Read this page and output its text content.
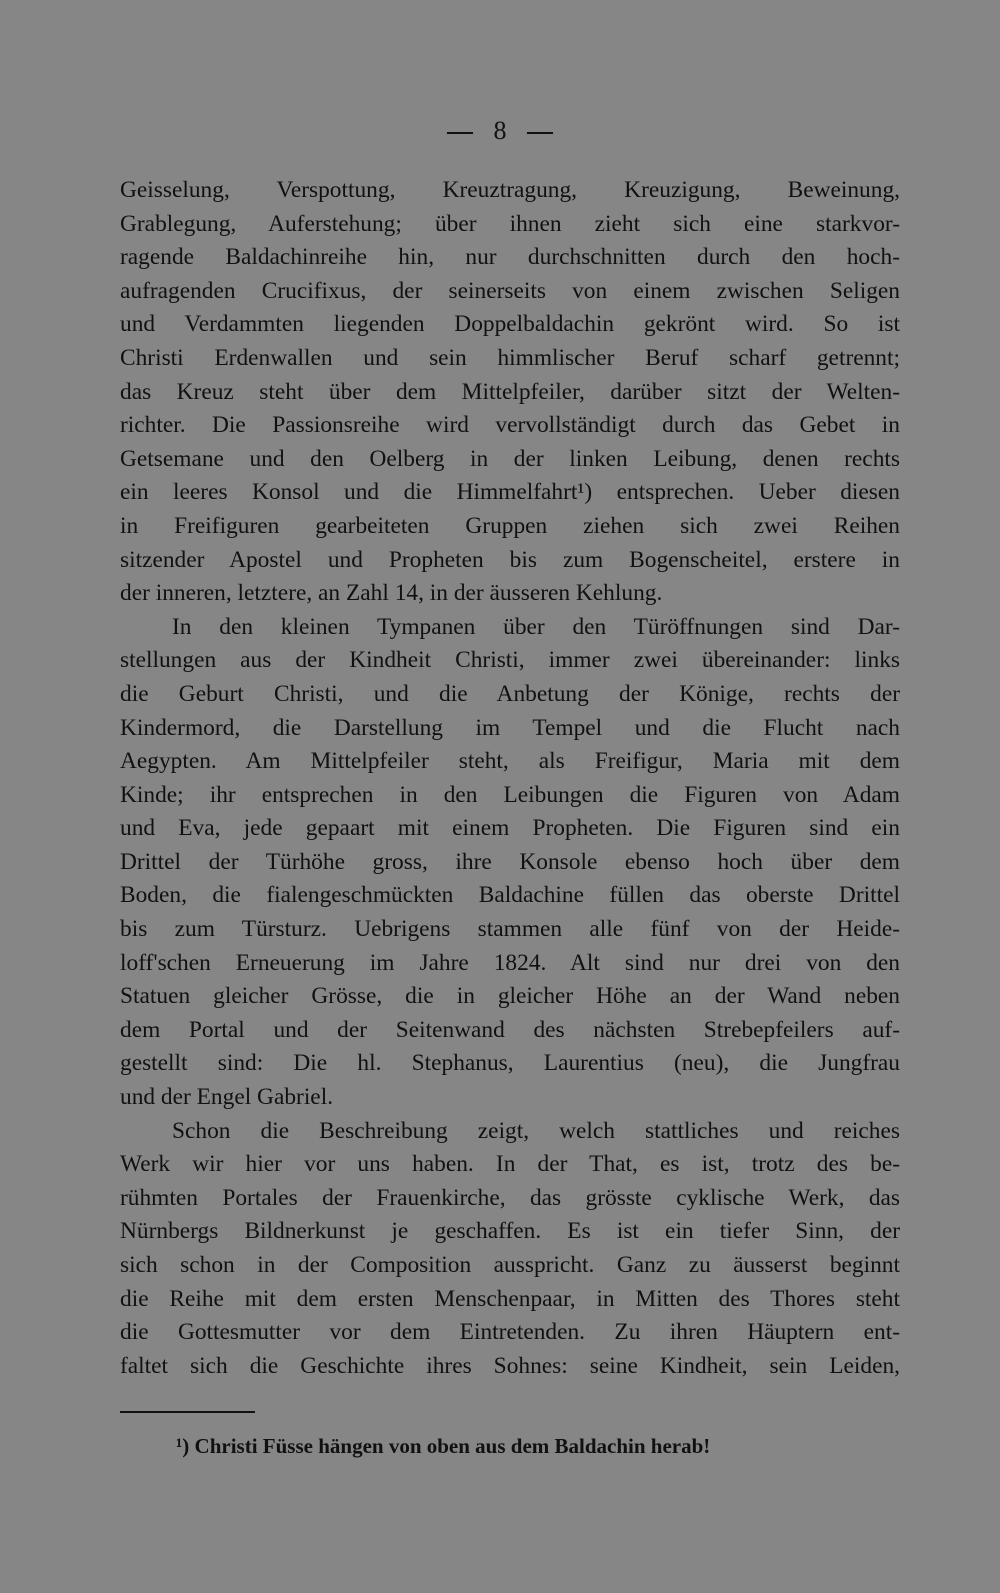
8
Geisselung, Verspottung, Kreuztragung, Kreuzigung, Beweinung,
Grablegung, Auferstehung; über ihnen zieht sich eine starkvor-
ragende Baldachinreihe hin, nur durchschnitten durch den hoch-
aufragenden Crucifixus, der seinerseits von einem zwischen Seligen
und Verdammten liegenden Doppelbaldachin gekrönt wird. So ist
Christi Erdenwallen und sein himmlischer Beruf scharf getrennt;
das Kreuz steht über dem Mittelpfeiler, darüber sitzt der Welten-
richter. Die Passionsreihe wird vervollständigt durch das Gebet in
Getsemane und den Oelberg in der linken Leibung, denen rechts
ein leeres Konsol und die Himmelfahrt¹) entsprechen. Ueber diesen
in Freifiguren gearbeiteten Gruppen ziehen sich zwei Reihen
sitzender Apostel und Propheten bis zum Bogenscheitel, erstere in
der inneren, letztere, an Zahl 14, in der äusseren Kehlung.
In den kleinen Tympanen über den Türöffnungen sind Dar-
stellungen aus der Kindheit Christi, immer zwei übereinander: links
die Geburt Christi, und die Anbetung der Könige, rechts der
Kindermord, die Darstellung im Tempel und die Flucht nach
Aegypten. Am Mittelpfeiler steht, als Freifigur, Maria mit dem
Kinde; ihr entsprechen in den Leibungen die Figuren von Adam
und Eva, jede gepaart mit einem Propheten. Die Figuren sind ein
Drittel der Türhöhe gross, ihre Konsole ebenso hoch über dem
Boden, die fialengeschmückten Baldachine füllen das oberste Drittel
bis zum Türsturz. Uebrigens stammen alle fünf von der Heide-
loff'schen Erneuerung im Jahre 1824. Alt sind nur drei von den
Statuen gleicher Grösse, die in gleicher Höhe an der Wand neben
dem Portal und der Seitenwand des nächsten Strebepfeilers auf-
gestellt sind: Die hl. Stephanus, Laurentius (neu), die Jungfrau
und der Engel Gabriel.
Schon die Beschreibung zeigt, welch stattliches und reiches
Werk wir hier vor uns haben. In der That, es ist, trotz des be-
rühmten Portales der Frauenkirche, das grösste cyklische Werk, das
Nürnbergs Bildnerkunst je geschaffen. Es ist ein tiefer Sinn, der
sich schon in der Composition ausspricht. Ganz zu äusserst beginnt
die Reihe mit dem ersten Menschenpaar, in Mitten des Thores steht
die Gottesmutter vor dem Eintretenden. Zu ihren Häuptern ent-
faltet sich die Geschichte ihres Sohnes: seine Kindheit, sein Leiden,
¹) Christi Füsse hängen von oben aus dem Baldachin herab!
